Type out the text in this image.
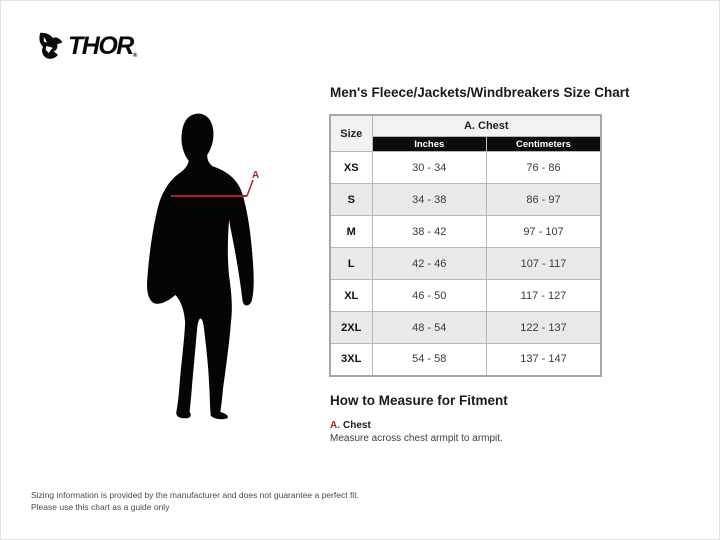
THOR®
A
Men's Fleece/Jackets/Windbreakers Size Chart
Size	A. Chest	
	Inches	Centimeters
XS	30 - 34	76 - 86
S	34 - 38	86 - 97
M	38 - 42	97 - 107
L	42 - 46	107 - 117
XL	46 - 50	117 - 127
2XL	48 - 54	122 - 137
3XL	54 - 58	137 - 147
How to Measure for Fitment

A. Chest

Measure across chest armpit to armpit.

Sizing information is provided by the manufacturer and does not guarantee a perfect fit.
Please use this chart as a guide only
